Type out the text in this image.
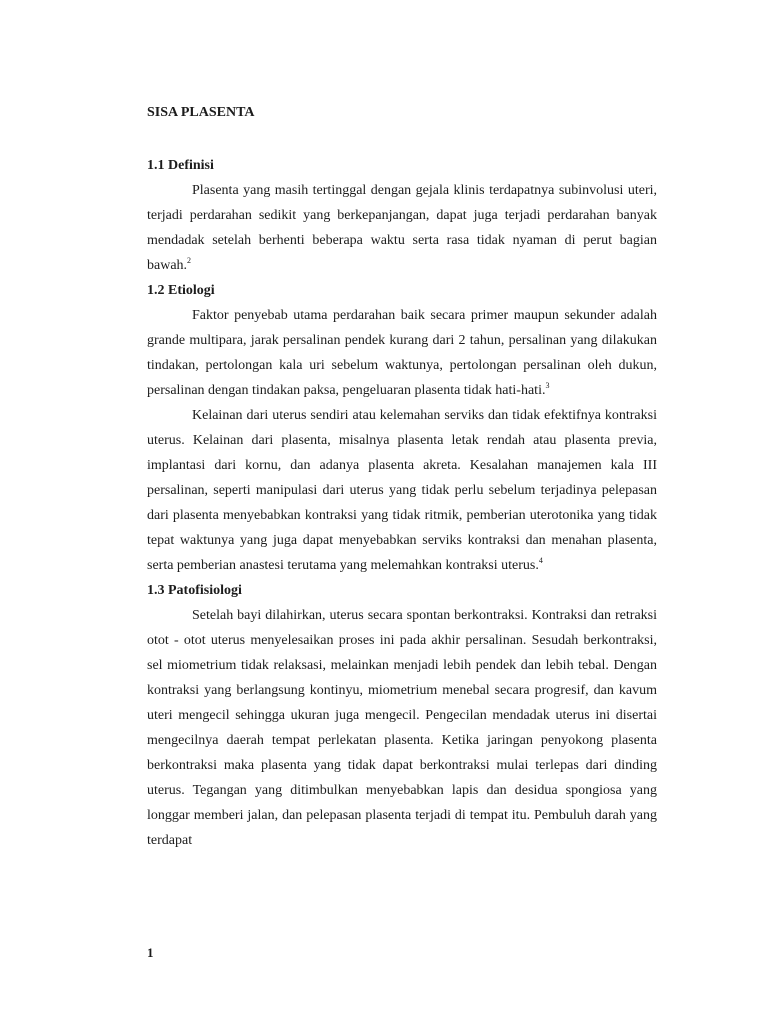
SISA PLASENTA
1.1 Definisi

Plasenta yang masih tertinggal dengan gejala klinis terdapatnya subinvolusi uteri, terjadi perdarahan sedikit yang berkepanjangan, dapat juga terjadi perdarahan banyak mendadak setelah berhenti beberapa waktu serta rasa tidak nyaman di perut bagian bawah.$^2$

1.2 Etiologi

Faktor penyebab utama perdarahan baik secara primer maupun sekunder adalah grande multipara, jarak persalinan pendek kurang dari 2 tahun, persalinan yang dilakukan tindakan, pertolongan kala uri sebelum waktunya, pertolongan persalinan oleh dukun, persalinan dengan tindakan paksa, pengeluaran plasenta tidak hati-hati.$^3$

Kelainan dari uterus sendiri atau kelemahan serviks dan tidak efektifnya kontraksi uterus. Kelainan dari plasenta, misalnya plasenta letak rendah atau plasenta previa, implantasi dari kornu, dan adanya plasenta akreta. Kesalahan manajemen kala III persalinan, seperti manipulasi dari uterus yang tidak perlu sebelum terjadinya pelepasan dari plasenta menyebabkan kontraksi yang tidak ritmik, pemberian uterotonika yang tidak tepat waktunya yang juga dapat menyebabkan serviks kontraksi dan menahan plasenta, serta pemberian anastesi terutama yang melemahkan kontraksi uterus.$^4$

1.3 Patofisiologi

Setelah bayi dilahirkan, uterus secara spontan berkontraksi. Kontraksi dan retraksi otot - otot uterus menyelesaikan proses ini pada akhir persalinan. Sesudah berkontraksi, sel miometrium tidak relaksasi, melainkan menjadi lebih pendek dan lebih tebal. Dengan kontraksi yang berlangsung kontinyu, miometrium menebal secara progresif, dan kavum uteri mengecil sehingga ukuran juga mengecil. Pengecilan mendadak uterus ini disertai mengecilnya daerah tempat perlekatan plasenta. Ketika jaringan penyokong plasenta berkontraksi maka plasenta yang tidak dapat berkontraksi mulai terlepas dari dinding uterus. Tegangan yang ditimbulkan menyebabkan lapis dan desidua spongiosa yang longgar memberi jalan, dan pelepasan plasenta terjadi di tempat itu. Pembuluh darah yang terdapat

1
